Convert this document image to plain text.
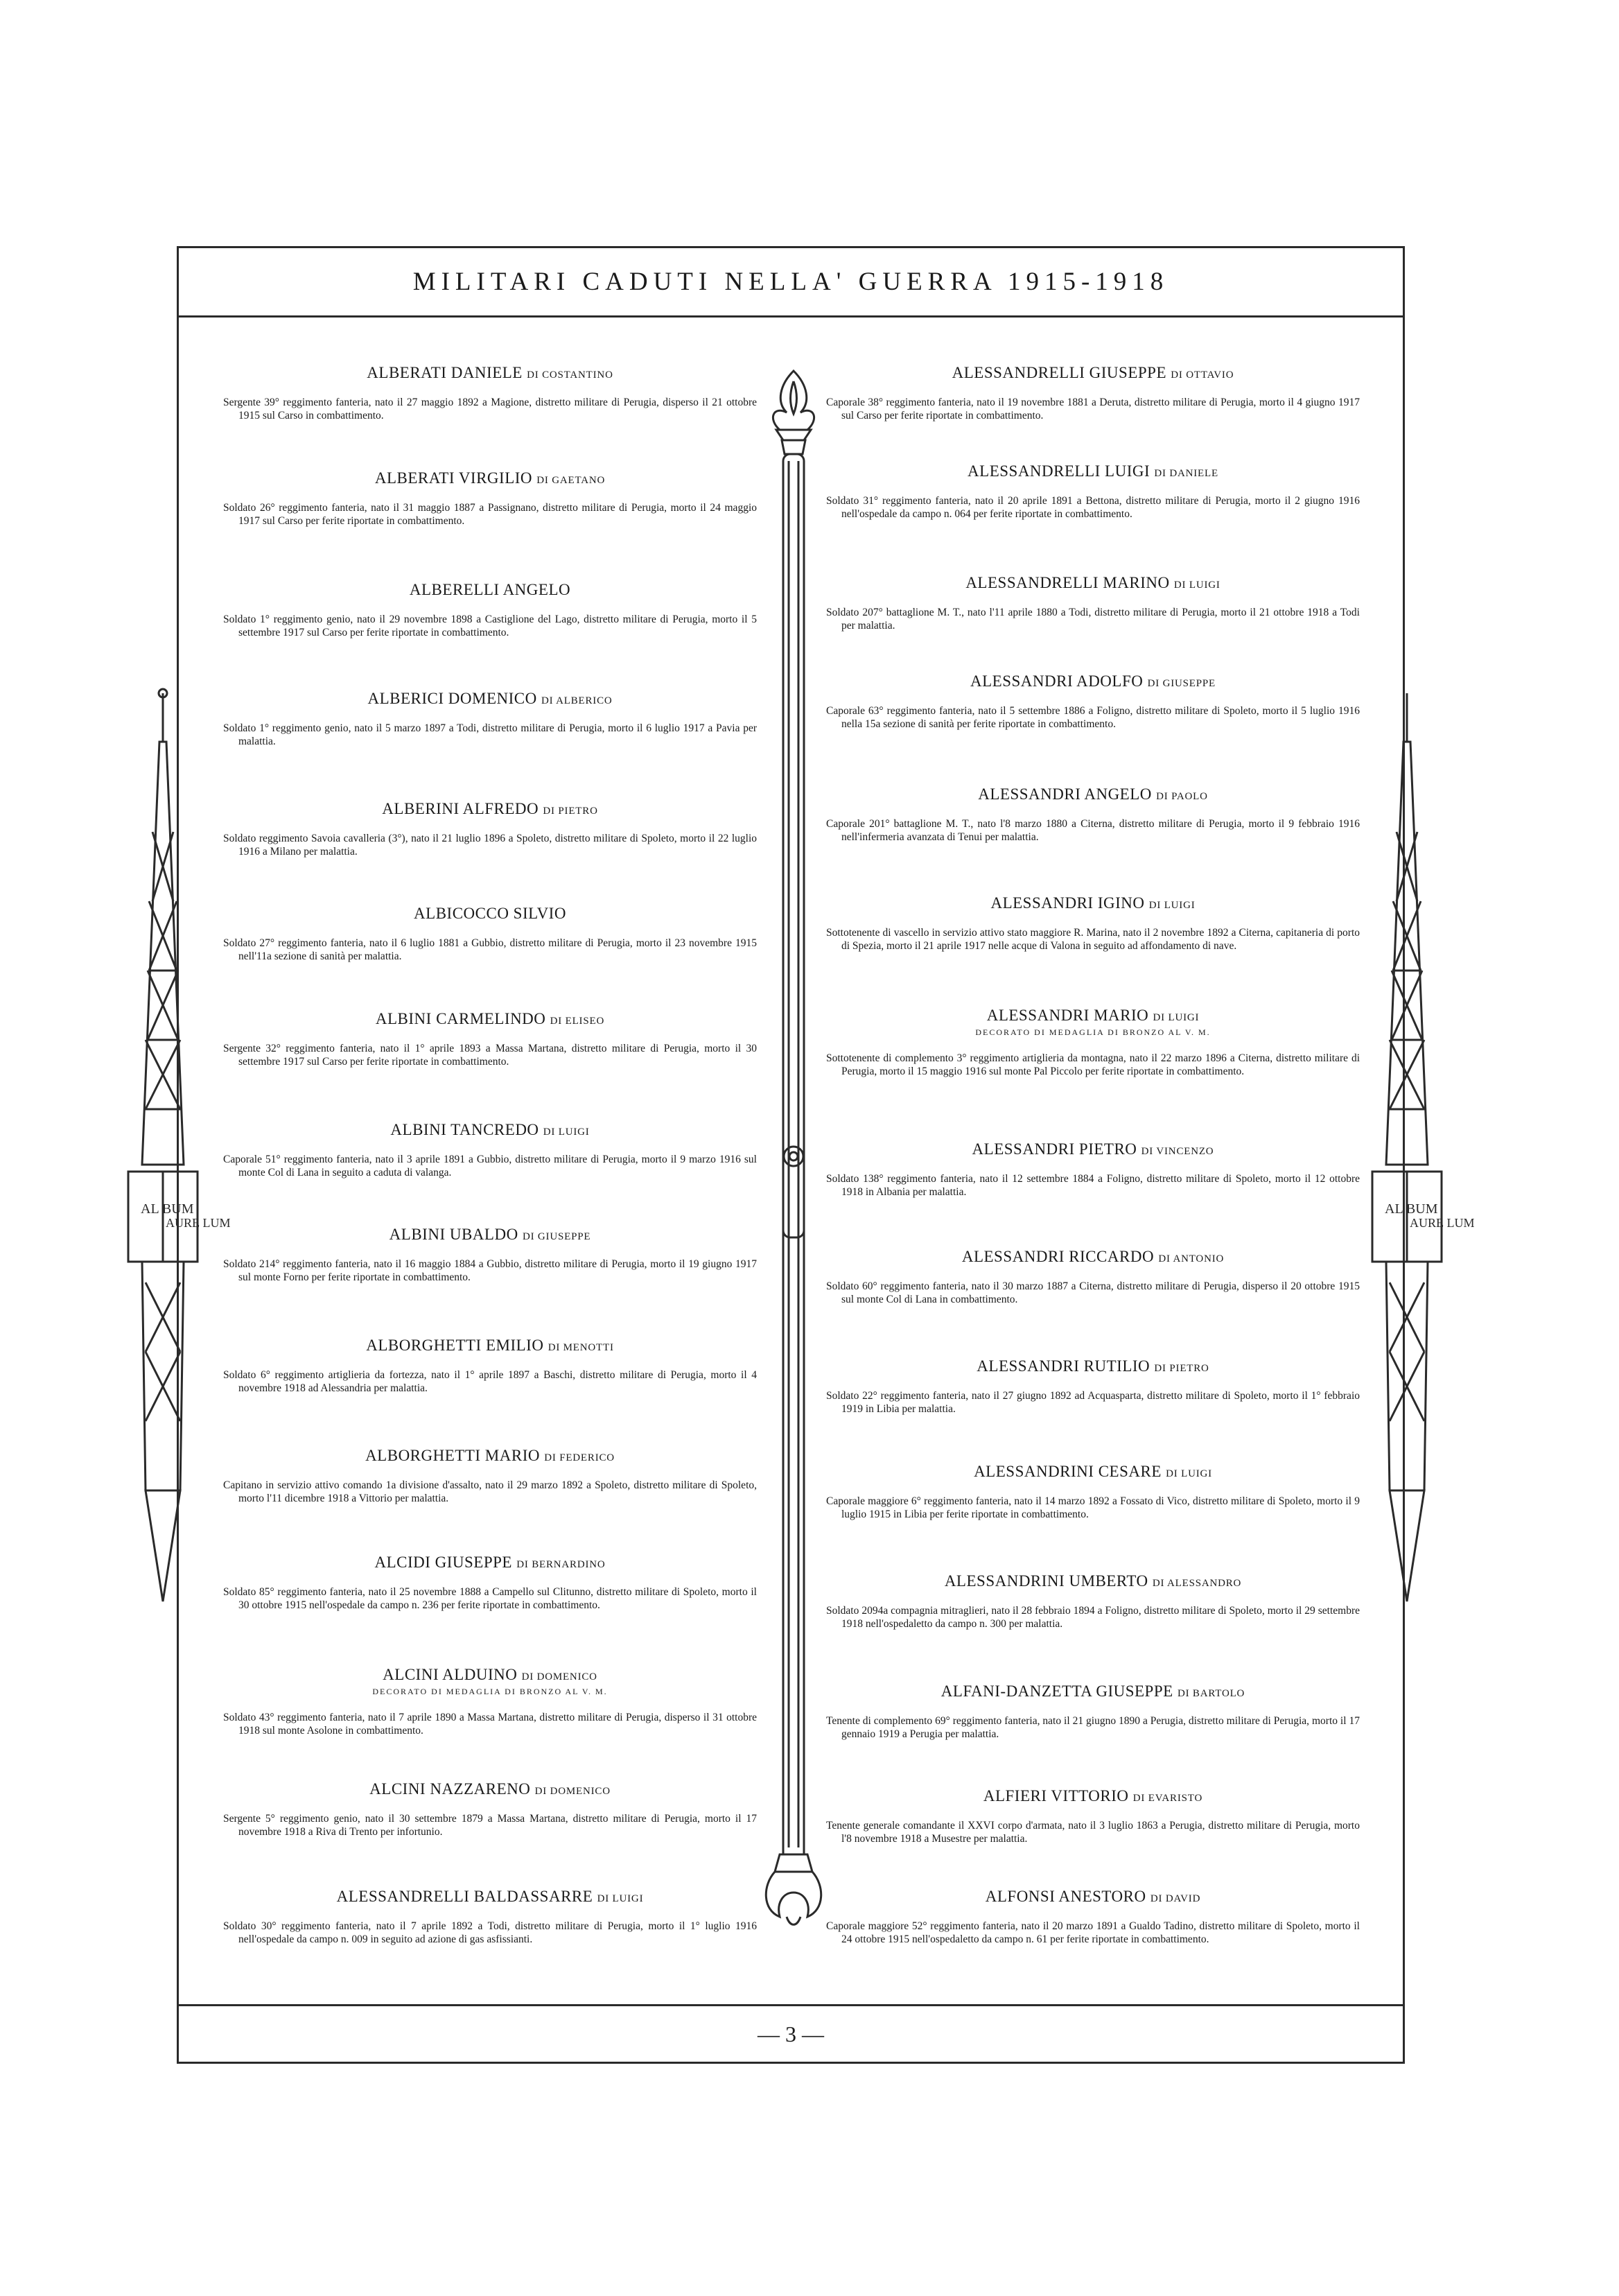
MILITARI CADUTI NELLA' GUERRA 1915-1918
— 3 —
AL BUM
AURE LUM
AL BUM
AURE LUM
ALBERATI DANIELE DI COSTANTINO
Sergente 39° reggimento fanteria, nato il 27 maggio 1892 a Magione, distretto militare di Perugia, disperso il 21 ottobre 1915 sul Carso in combattimento.
ALBERATI VIRGILIO DI GAETANO
Soldato 26° reggimento fanteria, nato il 31 maggio 1887 a Passignano, distretto militare di Perugia, morto il 24 maggio 1917 sul Carso per ferite riportate in combattimento.
ALBERELLI ANGELO
Soldato 1° reggimento genio, nato il 29 novembre 1898 a Castiglione del Lago, distretto militare di Perugia, morto il 5 settembre 1917 sul Carso per ferite riportate in combattimento.
ALBERICI DOMENICO DI ALBERICO
Soldato 1° reggimento genio, nato il 5 marzo 1897 a Todi, distretto militare di Perugia, morto il 6 luglio 1917 a Pavia per malattia.
ALBERINI ALFREDO DI PIETRO
Soldato reggimento Savoia cavalleria (3°), nato il 21 luglio 1896 a Spoleto, distretto militare di Spoleto, morto il 22 luglio 1916 a Milano per malattia.
ALBICOCCO SILVIO
Soldato 27° reggimento fanteria, nato il 6 luglio 1881 a Gubbio, distretto militare di Perugia, morto il 23 novembre 1915 nell'11a sezione di sanità per malattia.
ALBINI CARMELINDO DI ELISEO
Sergente 32° reggimento fanteria, nato il 1° aprile 1893 a Massa Martana, distretto militare di Perugia, morto il 30 settembre 1917 sul Carso per ferite riportate in combattimento.
ALBINI TANCREDO DI LUIGI
Caporale 51° reggimento fanteria, nato il 3 aprile 1891 a Gubbio, distretto militare di Perugia, morto il 9 marzo 1916 sul monte Col di Lana in seguito a caduta di valanga.
ALBINI UBALDO DI GIUSEPPE
Soldato 214° reggimento fanteria, nato il 16 maggio 1884 a Gubbio, distretto militare di Perugia, morto il 19 giugno 1917 sul monte Forno per ferite riportate in combattimento.
ALBORGHETTI EMILIO DI MENOTTI
Soldato 6° reggimento artiglieria da fortezza, nato il 1° aprile 1897 a Baschi, distretto militare di Perugia, morto il 4 novembre 1918 ad Alessandria per malattia.
ALBORGHETTI MARIO DI FEDERICO
Capitano in servizio attivo comando 1a divisione d'assalto, nato il 29 marzo 1892 a Spoleto, distretto militare di Spoleto, morto l'11 dicembre 1918 a Vittorio per malattia.
ALCIDI GIUSEPPE DI BERNARDINO
Soldato 85° reggimento fanteria, nato il 25 novembre 1888 a Campello sul Clitunno, distretto militare di Spoleto, morto il 30 ottobre 1915 nell'ospedale da campo n. 236 per ferite riportate in combattimento.
ALCINI ALDUINO DI DOMENICO
DECORATO DI MEDAGLIA DI BRONZO AL V. M.
Soldato 43° reggimento fanteria, nato il 7 aprile 1890 a Massa Martana, distretto militare di Perugia, disperso il 31 ottobre 1918 sul monte Asolone in combattimento.
ALCINI NAZZARENO DI DOMENICO
Sergente 5° reggimento genio, nato il 30 settembre 1879 a Massa Martana, distretto militare di Perugia, morto il 17 novembre 1918 a Riva di Trento per infortunio.
ALESSANDRELLI BALDASSARRE DI LUIGI
Soldato 30° reggimento fanteria, nato il 7 aprile 1892 a Todi, distretto militare di Perugia, morto il 1° luglio 1916 nell'ospedale da campo n. 009 in seguito ad azione di gas asfissianti.
ALESSANDRELLI GIUSEPPE DI OTTAVIO
Caporale 38° reggimento fanteria, nato il 19 novembre 1881 a Deruta, distretto militare di Perugia, morto il 4 giugno 1917 sul Carso per ferite riportate in combattimento.
ALESSANDRELLI LUIGI DI DANIELE
Soldato 31° reggimento fanteria, nato il 20 aprile 1891 a Bettona, distretto militare di Perugia, morto il 2 giugno 1916 nell'ospedale da campo n. 064 per ferite riportate in combattimento.
ALESSANDRELLI MARINO DI LUIGI
Soldato 207° battaglione M. T., nato l'11 aprile 1880 a Todi, distretto militare di Perugia, morto il 21 ottobre 1918 a Todi per malattia.
ALESSANDRI ADOLFO DI GIUSEPPE
Caporale 63° reggimento fanteria, nato il 5 settembre 1886 a Foligno, distretto militare di Spoleto, morto il 5 luglio 1916 nella 15a sezione di sanità per ferite riportate in combattimento.
ALESSANDRI ANGELO DI PAOLO
Caporale 201° battaglione M. T., nato l'8 marzo 1880 a Citerna, distretto militare di Perugia, morto il 9 febbraio 1916 nell'infermeria avanzata di Tenui per malattia.
ALESSANDRI IGINO DI LUIGI
Sottotenente di vascello in servizio attivo stato maggiore R. Marina, nato il 2 novembre 1892 a Citerna, capitaneria di porto di Spezia, morto il 21 aprile 1917 nelle acque di Valona in seguito ad affondamento di nave.
ALESSANDRI MARIO DI LUIGI
DECORATO DI MEDAGLIA DI BRONZO AL V. M.
Sottotenente di complemento 3° reggimento artiglieria da montagna, nato il 22 marzo 1896 a Citerna, distretto militare di Perugia, morto il 15 maggio 1916 sul monte Pal Piccolo per ferite riportate in combattimento.
ALESSANDRI PIETRO DI VINCENZO
Soldato 138° reggimento fanteria, nato il 12 settembre 1884 a Foligno, distretto militare di Spoleto, morto il 12 ottobre 1918 in Albania per malattia.
ALESSANDRI RICCARDO DI ANTONIO
Soldato 60° reggimento fanteria, nato il 30 marzo 1887 a Citerna, distretto militare di Perugia, disperso il 20 ottobre 1915 sul monte Col di Lana in combattimento.
ALESSANDRI RUTILIO DI PIETRO
Soldato 22° reggimento fanteria, nato il 27 giugno 1892 ad Acquasparta, distretto militare di Spoleto, morto il 1° febbraio 1919 in Libia per malattia.
ALESSANDRINI CESARE DI LUIGI
Caporale maggiore 6° reggimento fanteria, nato il 14 marzo 1892 a Fossato di Vico, distretto militare di Spoleto, morto il 9 luglio 1915 in Libia per ferite riportate in combattimento.
ALESSANDRINI UMBERTO DI ALESSANDRO
Soldato 2094a compagnia mitraglieri, nato il 28 febbraio 1894 a Foligno, distretto militare di Spoleto, morto il 29 settembre 1918 nell'ospedaletto da campo n. 300 per malattia.
ALFANI-DANZETTA GIUSEPPE DI BARTOLO
Tenente di complemento 69° reggimento fanteria, nato il 21 giugno 1890 a Perugia, distretto militare di Perugia, morto il 17 gennaio 1919 a Perugia per malattia.
ALFIERI VITTORIO DI EVARISTO
Tenente generale comandante il XXVI corpo d'armata, nato il 3 luglio 1863 a Perugia, distretto militare di Perugia, morto l'8 novembre 1918 a Musestre per malattia.
ALFONSI ANESTORO DI DAVID
Caporale maggiore 52° reggimento fanteria, nato il 20 marzo 1891 a Gualdo Tadino, distretto militare di Spoleto, morto il 24 ottobre 1915 nell'ospedaletto da campo n. 61 per ferite riportate in combattimento.
